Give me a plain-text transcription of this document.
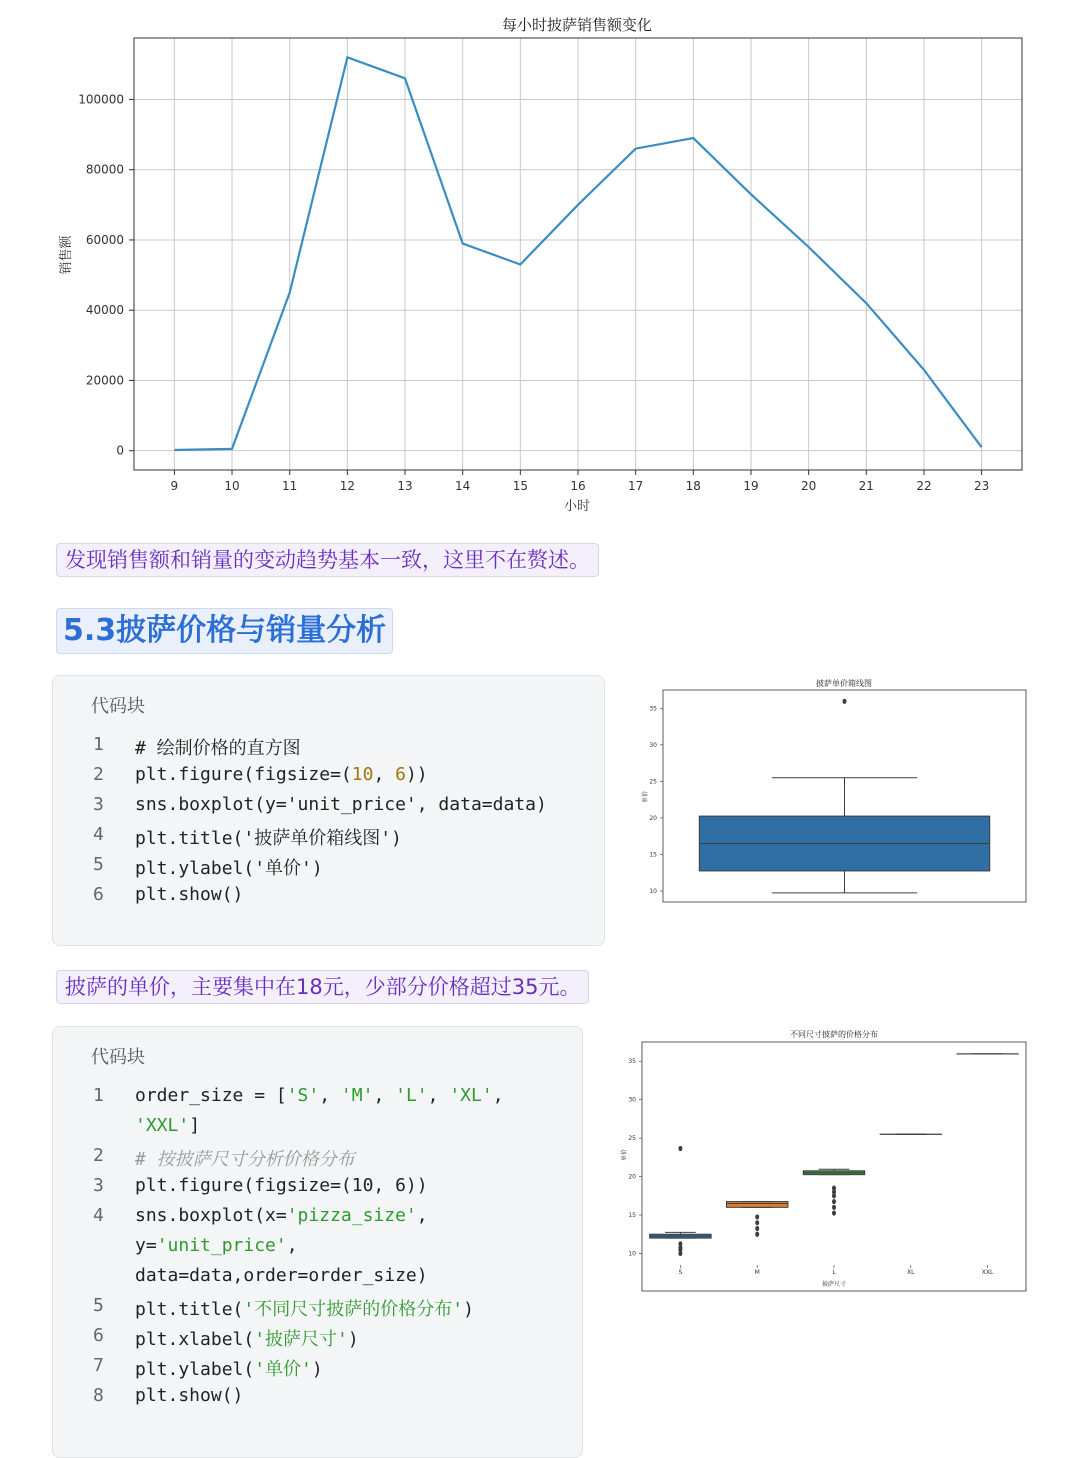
每小时披萨销售额变化
小时
销售额
9	10	11	12	13	14	15	16	17	18	19	20	21	22	23
0
20000
40000
60000
80000
100000
发现销售额和销量的变动趋势基本一致，这里不在赘述。
5.3披萨价格与销量分析
代码块
1	# 绘制价格的直方图
2	plt.figure(figsize=(10, 6))
3	sns.boxplot(y='unit_price', data=data)
4	plt.title('披萨单价箱线图')
5	plt.ylabel('单价')
6	plt.show()
披萨单价箱线图
单价
10
15
20
25
30
35
披萨的单价，主要集中在18元，少部分价格超过35元。
代码块
1	order_size = ['S', 'M', 'L', 'XL',
'XXL']
2	# 按披萨尺寸分析价格分布
3	plt.figure(figsize=(10, 6))
4	sns.boxplot(x='pizza_size',
y='unit_price',
data=data,order=order_size)
5	plt.title('不同尺寸披萨的价格分布')
6	plt.xlabel('披萨尺寸')
7	plt.ylabel('单价')
8	plt.show()
不同尺寸披萨的价格分布
披萨尺寸
单价
10
15
20
25
30
35
S	M	L	XL	XXL
